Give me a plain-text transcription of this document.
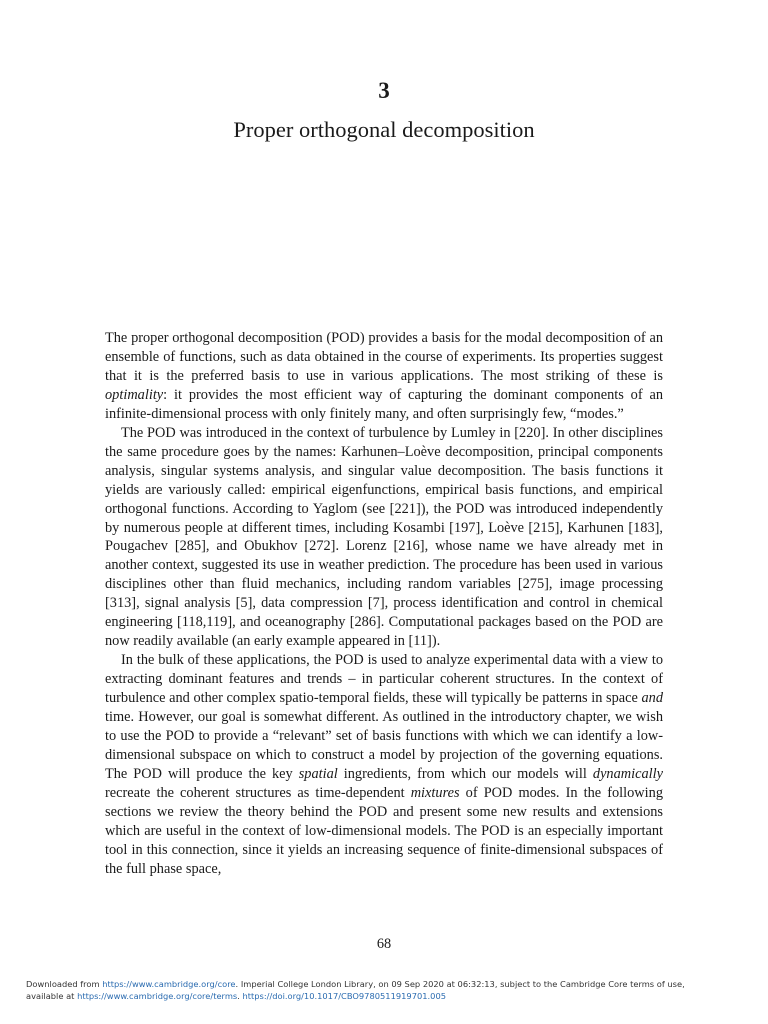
3
Proper orthogonal decomposition

The proper orthogonal decomposition (POD) provides a basis for the modal decomposition of an ensemble of functions, such as data obtained in the course of experiments. Its properties suggest that it is the preferred basis to use in various applications. The most striking of these is optimality: it provides the most efficient way of capturing the dominant components of an infinite-dimensional process with only finitely many, and often surprisingly few, “modes.”

The POD was introduced in the context of turbulence by Lumley in [220]. In other disciplines the same procedure goes by the names: Karhunen–Loève decomposition, principal components analysis, singular systems analysis, and singular value decomposition. The basis functions it yields are variously called: empirical eigenfunctions, empirical basis functions, and empirical orthogonal functions. According to Yaglom (see [221]), the POD was introduced independently by numerous people at different times, including Kosambi [197], Loève [215], Karhunen [183], Pougachev [285], and Obukhov [272]. Lorenz [216], whose name we have already met in another context, suggested its use in weather prediction. The procedure has been used in various disciplines other than fluid mechanics, including random variables [275], image processing [313], signal analysis [5], data compression [7], process identification and control in chemical engineering [118,119], and oceanography [286]. Computational packages based on the POD are now readily available (an early example appeared in [11]).

In the bulk of these applications, the POD is used to analyze experimental data with a view to extracting dominant features and trends – in particular coherent structures. In the context of turbulence and other complex spatio-temporal fields, these will typically be patterns in space and time. However, our goal is somewhat different. As outlined in the introductory chapter, we wish to use the POD to provide a “relevant” set of basis functions with which we can identify a low-dimensional subspace on which to construct a model by projection of the governing equations. The POD will produce the key spatial ingredients, from which our models will dynamically recreate the coherent structures as time-dependent mixtures of POD modes. In the following sections we review the theory behind the POD and present some new results and extensions which are useful in the context of low-dimensional models. The POD is an especially important tool in this connection, since it yields an increasing sequence of finite-dimensional subspaces of the full phase space,

68
Downloaded from https://www.cambridge.org/core. Imperial College London Library, on 09 Sep 2020 at 06:32:13, subject to the Cambridge Core terms of use,
available at https://www.cambridge.org/core/terms. https://doi.org/10.1017/CBO9780511919701.005
